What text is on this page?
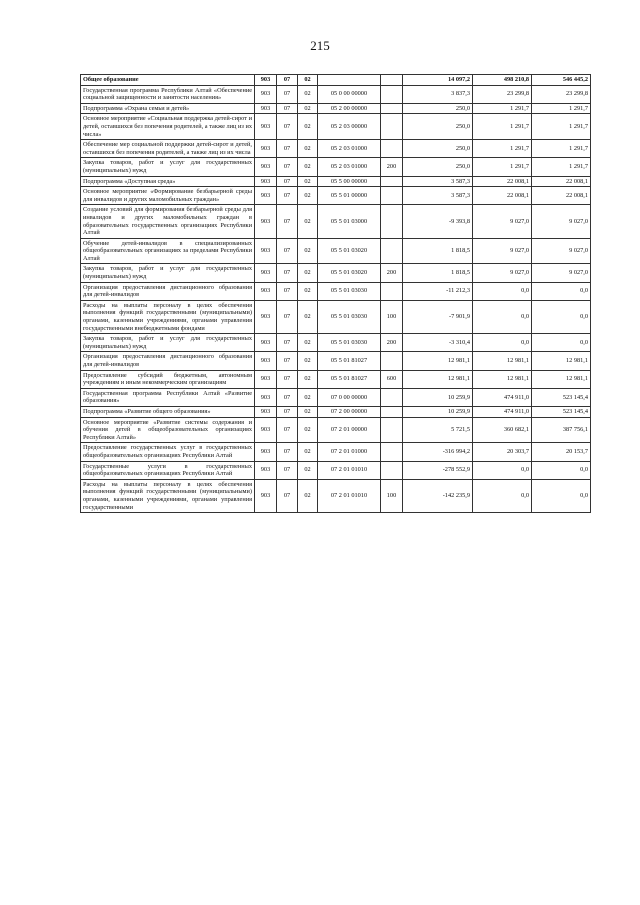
215
Общее образование	903	07	02			14 097,2	498 210,8	546 445,2
Государственная программа Республики Алтай «Обеспечение социальной защищенности и занятости населения»	903	07	02	05 0 00 00000		3 837,3	23 299,8	23 299,8
Подпрограмма «Охрана семьи и детей»	903	07	02	05 2 00 00000		250,0	1 291,7	1 291,7
Основное мероприятие «Социальная поддержка детей-сирот и детей, оставшихся без попечения родителей, а также лиц из их числа»	903	07	02	05 2 03 00000		250,0	1 291,7	1 291,7
Обеспечение мер социальной поддержки детей-сирот и детей, оставшихся без попечения родителей, а также лиц из их числа	903	07	02	05 2 03 01000		250,0	1 291,7	1 291,7
Закупка товаров, работ и услуг для государственных (муниципальных) нужд	903	07	02	05 2 03 01000	200	250,0	1 291,7	1 291,7
Подпрограмма «Доступная среда»	903	07	02	05 5 00 00000		3 587,3	22 008,1	22 008,1
Основное мероприятие «Формирование безбарьерной среды для инвалидов и других маломобильных граждан»	903	07	02	05 5 01 00000		3 587,3	22 008,1	22 008,1
Создание условий для формирования безбарьерной среды для инвалидов и других маломобильных граждан в образовательных государственных организациях Республики Алтай	903	07	02	05 5 01 03000		-9 393,8	9 027,0	9 027,0
Обучение детей-инвалидов в специализированных общеобразовательных организациях за пределами Республики Алтай	903	07	02	05 5 01 03020		1 818,5	9 027,0	9 027,0
Закупка товаров, работ и услуг для государственных (муниципальных) нужд	903	07	02	05 5 01 03020	200	1 818,5	9 027,0	9 027,0
Организация предоставления дистанционного образования для детей-инвалидов	903	07	02	05 5 01 03030		-11 212,3	0,0	0,0
Расходы на выплаты персоналу в целях обеспечения выполнения функций государственными (муниципальными) органами, казенными учреждениями, органами управления государственными внебюджетными фондами	903	07	02	05 5 01 03030	100	-7 901,9	0,0	0,0
Закупка товаров, работ и услуг для государственных (муниципальных) нужд	903	07	02	05 5 01 03030	200	-3 310,4	0,0	0,0
Организация предоставления дистанционного образования для детей-инвалидов	903	07	02	05 5 01 81027		12 981,1	12 981,1	12 981,1
Предоставление субсидий бюджетным, автономным учреждениям и иным некоммерческим организациям	903	07	02	05 5 01 81027	600	12 981,1	12 981,1	12 981,1
Государственная программа Республики Алтай «Развитие образования»	903	07	02	07 0 00 00000		10 259,9	474 911,0	523 145,4
Подпрограмма «Развитие общего образования»	903	07	02	07 2 00 00000		10 259,9	474 911,0	523 145,4
Основное мероприятие «Развитие системы содержания и обучения детей в общеобразовательных организациях Республики Алтай»	903	07	02	07 2 01 00000		5 721,5	360 682,1	387 756,1
Предоставление государственных услуг в государственных общеобразовательных организациях Республики Алтай	903	07	02	07 2 01 01000		-316 994,2	20 303,7	20 153,7
Государственные услуги в государственных общеобразовательных организациях Республики Алтай	903	07	02	07 2 01 01010		-278 552,9	0,0	0,0
Расходы на выплаты персоналу в целях обеспечения выполнения функций государственными (муниципальными) органами, казенными учреждениями, органами управления государственными	903	07	02	07 2 01 01010	100	-142 235,9	0,0	0,0
